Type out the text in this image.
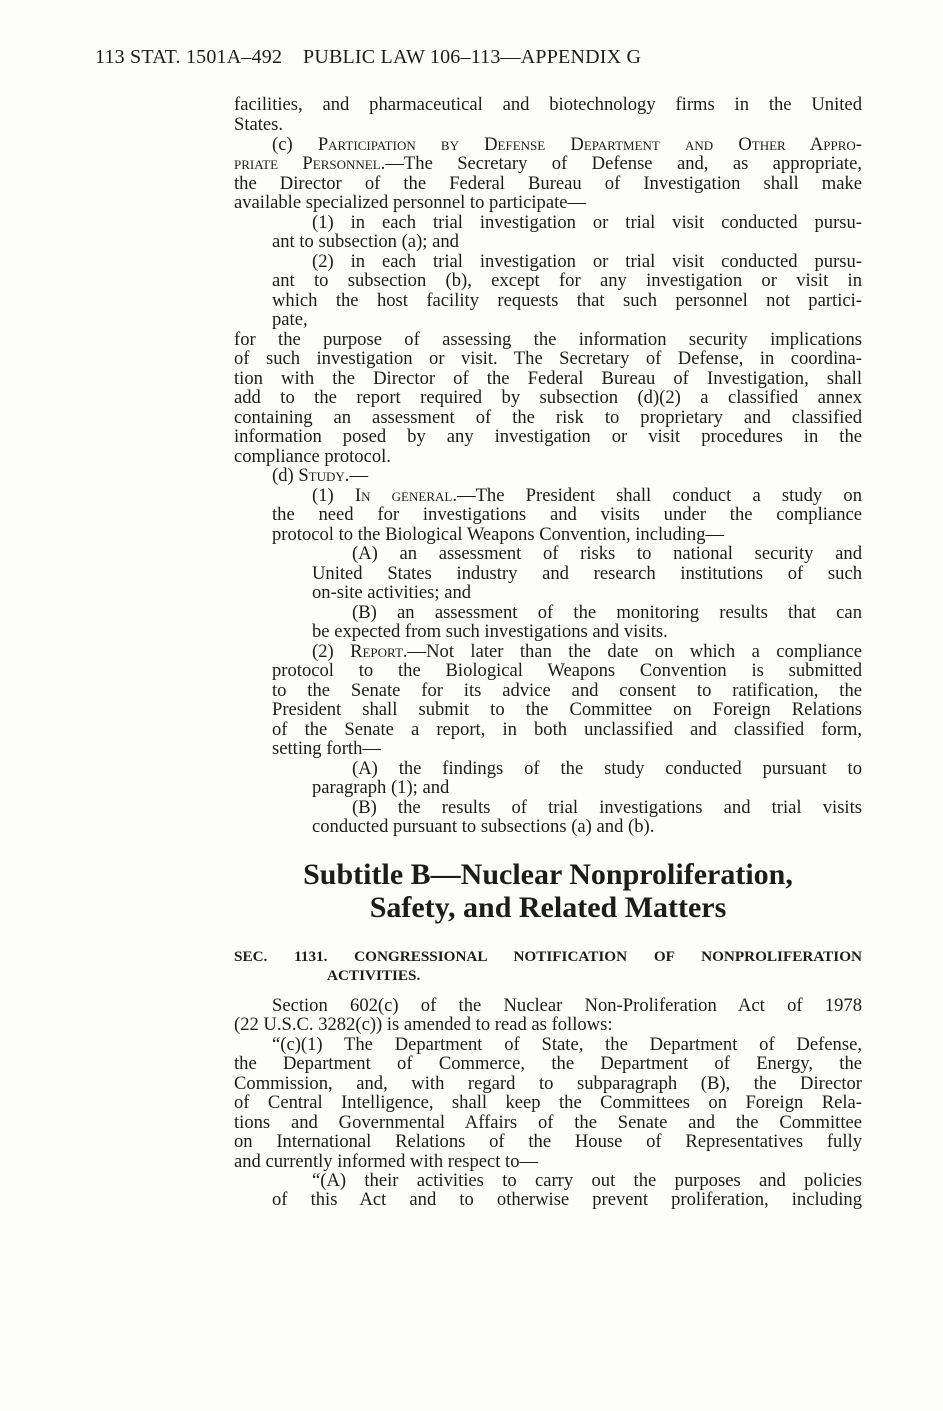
113 STAT. 1501A–492    PUBLIC LAW 106–113—APPENDIX G
facilities, and pharmaceutical and biotechnology firms in the United
States.
(c) Participation by Defense Department and Other Appro-
priate Personnel.—The Secretary of Defense and, as appropriate,
the Director of the Federal Bureau of Investigation shall make
available specialized personnel to participate—
(1) in each trial investigation or trial visit conducted pursu-
ant to subsection (a); and
(2) in each trial investigation or trial visit conducted pursu-
ant to subsection (b), except for any investigation or visit in
which the host facility requests that such personnel not partici-
pate,
for the purpose of assessing the information security implications
of such investigation or visit. The Secretary of Defense, in coordina-
tion with the Director of the Federal Bureau of Investigation, shall
add to the report required by subsection (d)(2) a classified annex
containing an assessment of the risk to proprietary and classified
information posed by any investigation or visit procedures in the
compliance protocol.
(d) Study.—
(1) In general.—The President shall conduct a study on
the need for investigations and visits under the compliance
protocol to the Biological Weapons Convention, including—
(A) an assessment of risks to national security and
United States industry and research institutions of such
on-site activities; and
(B) an assessment of the monitoring results that can
be expected from such investigations and visits.
(2) Report.—Not later than the date on which a compliance
protocol to the Biological Weapons Convention is submitted
to the Senate for its advice and consent to ratification, the
President shall submit to the Committee on Foreign Relations
of the Senate a report, in both unclassified and classified form,
setting forth—
(A) the findings of the study conducted pursuant to
paragraph (1); and
(B) the results of trial investigations and trial visits
conducted pursuant to subsections (a) and (b).
Subtitle B—Nuclear Nonproliferation,
Safety, and Related Matters
SEC. 1131. CONGRESSIONAL NOTIFICATION OF NONPROLIFERATION
ACTIVITIES.
Section 602(c) of the Nuclear Non-Proliferation Act of 1978
(22 U.S.C. 3282(c)) is amended to read as follows:
“(c)(1) The Department of State, the Department of Defense,
the Department of Commerce, the Department of Energy, the
Commission, and, with regard to subparagraph (B), the Director
of Central Intelligence, shall keep the Committees on Foreign Rela-
tions and Governmental Affairs of the Senate and the Committee
on International Relations of the House of Representatives fully
and currently informed with respect to—
“(A) their activities to carry out the purposes and policies
of this Act and to otherwise prevent proliferation, including
